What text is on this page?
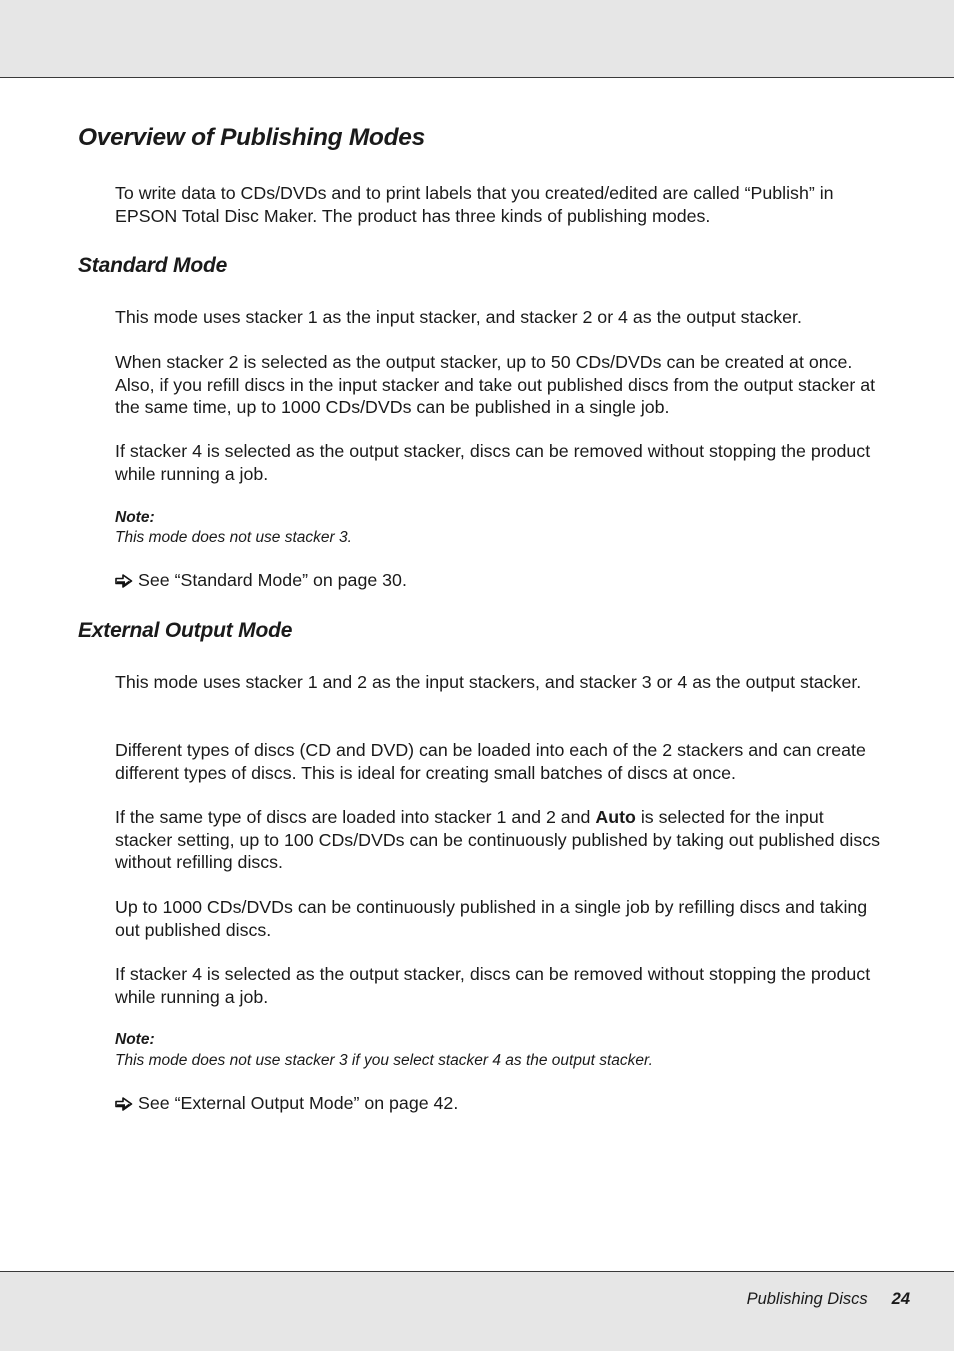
Overview of Publishing Modes

To write data to CDs/DVDs and to print labels that you created/edited are called “Publish” in EPSON Total Disc Maker. The product has three kinds of publishing modes.

Standard Mode

This mode uses stacker 1 as the input stacker, and stacker 2 or 4 as the output stacker.

When stacker 2 is selected as the output stacker, up to 50 CDs/DVDs can be created at once. Also, if you refill discs in the input stacker and take out published discs from the output stacker at the same time, up to 1000 CDs/DVDs can be published in a single job.

If stacker 4 is selected as the output stacker, discs can be removed without stopping the product while running a job.

Note:
This mode does not use stacker 3.
See “Standard Mode” on page 30.
External Output Mode

This mode uses stacker 1 and 2 as the input stackers, and stacker 3 or 4 as the output stacker.

Different types of discs (CD and DVD) can be loaded into each of the 2 stackers and can create different types of discs. This is ideal for creating small batches of discs at once.

If the same type of discs are loaded into stacker 1 and 2 and Auto is selected for the input stacker setting, up to 100 CDs/DVDs can be continuously published by taking out published discs without refilling discs.

Up to 1000 CDs/DVDs can be continuously published in a single job by refilling discs and taking out published discs.

If stacker 4 is selected as the output stacker, discs can be removed without stopping the product while running a job.

Note:
This mode does not use stacker 3 if you select stacker 4 as the output stacker.
See “External Output Mode” on page 42.
Publishing Discs 24
